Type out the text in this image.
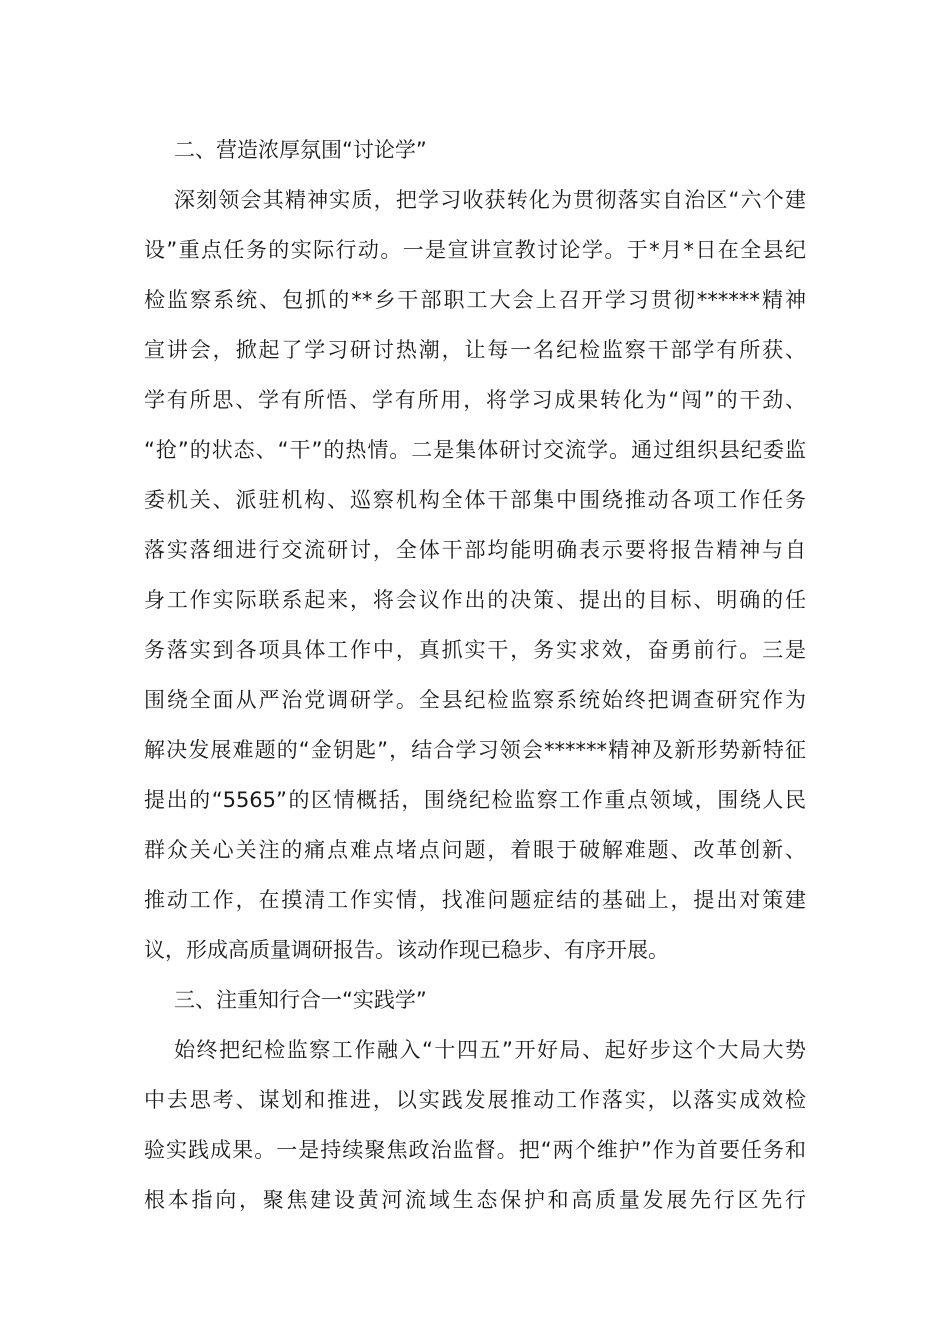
二、营造浓厚氛围“讨论学”
深刻领会其精神实质，把学习收获转化为贯彻落实自治区“六个建
设”重点任务的实际行动。一是宣讲宣教讨论学。于*月*日在全县纪
检监察系统、包抓的**乡干部职工大会上召开学习贯彻******精神
宣讲会，掀起了学习研讨热潮，让每一名纪检监察干部学有所获、
学有所思、学有所悟、学有所用，将学习成果转化为“闯”的干劲、
“抢”的状态、“干”的热情。二是集体研讨交流学。通过组织县纪委监
委机关、派驻机构、巡察机构全体干部集中围绕推动各项工作任务
落实落细进行交流研讨，全体干部均能明确表示要将报告精神与自
身工作实际联系起来，将会议作出的决策、提出的目标、明确的任
务落实到各项具体工作中，真抓实干，务实求效，奋勇前行。三是
围绕全面从严治党调研学。全县纪检监察系统始终把调查研究作为
解决发展难题的“金钥匙”，结合学习领会******精神及新形势新特征
提出的“5565”的区情概括，围绕纪检监察工作重点领域，围绕人民
群众关心关注的痛点难点堵点问题，着眼于破解难题、改革创新、
推动工作，在摸清工作实情，找准问题症结的基础上，提出对策建
议，形成高质量调研报告。该动作现已稳步、有序开展。
三、注重知行合一“实践学”
始终把纪检监察工作融入“十四五”开好局、起好步这个大局大势
中去思考、谋划和推进，以实践发展推动工作落实，以落实成效检
验实践成果。一是持续聚焦政治监督。把“两个维护”作为首要任务和
根本指向，聚焦建设黄河流域生态保护和高质量发展先行区先行
